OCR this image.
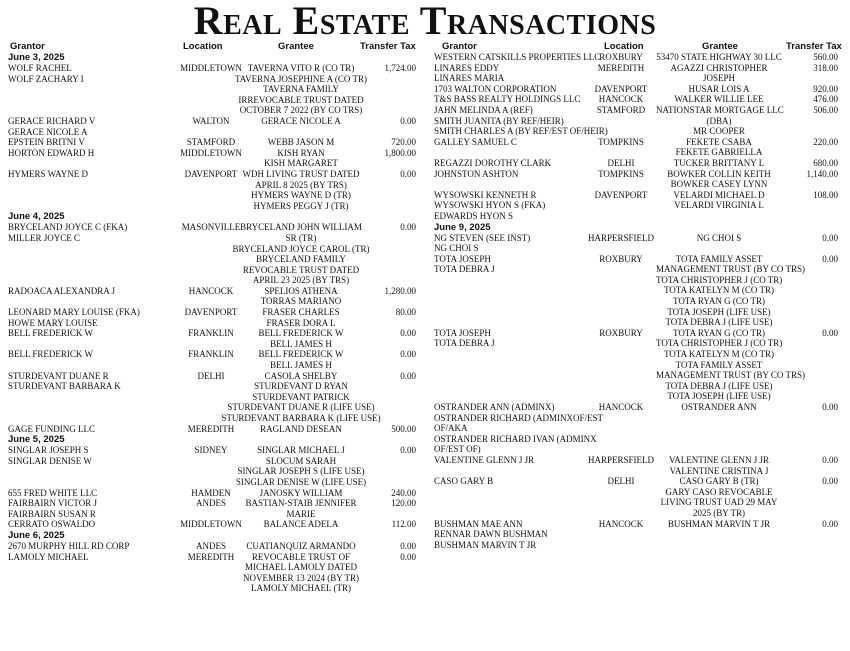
Real Estate Transactions
Grantor	Location	Grantee	Transfer Tax
June 3, 2025
WOLF RACHEL	MIDDLETOWN TAVERNA VITO R (CO TR)	1,724.00
WOLF ZACHARY I	TAVERNA JOSEPHINE A (CO TR)
TAVERNA FAMILY
IRREVOCABLE TRUST DATED
OCTOBER 7 2022 (BY CO TRS)
GERACE RICHARD V	WALTON	GERACE NICOLE A	0.00
GERACE NICOLE A
EPSTEIN BRITNI V	STAMFORD	WEBB JASON M	720.00
HORTON EDWARD H	MIDDLETOWN	KISH RYAN	1,800.00
KISH MARGARET
HYMERS WAYNE D	DAVENPORT WDH LIVING TRUST DATED	0.00
APRIL 8 2025 (BY TRS)
HYMERS WAYNE D (TR)
HYMERS PEGGY J (TR)
June 4, 2025
BRYCELAND JOYCE C (FKA)	MASONVILLE BRYCELAND JOHN WILLIAM	0.00
MILLER JOYCE C	SR (TR)
BRYCELAND JOYCE CAROL (TR)
BRYCELAND FAMILY
REVOCABLE TRUST DATED
APRIL 23 2025 (BY TRS)
RADOACA ALEXANDRA J	HANCOCK	SPELIOS ATHENA	1,280.00
TORRAS MARIANO
LEONARD MARY LOUISE (FKA)	DAVENPORT	FRASER CHARLES	80.00
HOWE MARY LOUISE	FRASER DORA L
BELL FREDERICK W	FRANKLIN	BELL FREDERICK W	0.00
BELL JAMES H
BELL FREDERICK W	FRANKLIN	BELL FREDERICK W	0.00
BELL JAMES H
STURDEVANT DUANE R	DELHI	CASOLA SHELBY	0.00
STURDEVANT BARBARA K	STURDEVANT D RYAN
STURDEVANT PATRICK
STURDEVANT DUANE R (LIFE USE)
STURDEVANT BARBARA K (LIFE USE)
GAGE FUNDING LLC	MEREDITH	RAGLAND DESEAN	500.00
June 5, 2025
SINGLAR JOSEPH S	SIDNEY	SINGLAR MICHAEL J	0.00
SINGLAR DENISE W	SLOCUM SARAH
SINGLAR JOSEPH S (LIFE USE)
SINGLAR DENISE W (LIFE USE)
655 FRED WHITE LLC	HAMDEN	JANOSKY WILLIAM	240.00
FAIRBAIRN VICTOR J	ANDES	BASTIAN-STAIB JENNIFER	120.00
FAIRBAIRN SUSAN R	MARIE
CERRATO OSWALDO	MIDDLETOWN	BALANCE ADELA	112.00
June 6, 2025
2670 MURPHY HILL RD CORP	ANDES	CUATIANQUIZ ARMANDO	0.00
LAMOLY MICHAEL	MEREDITH	REVOCABLE TRUST OF	0.00
MICHAEL LAMOLY DATED
NOVEMBER 13 2024 (BY TR)
LAMOLY MICHAEL (TR)
Grantor	Location	Grantee	Transfer Tax
WESTERN CATSKILLS PROPERTIES LLC ROXBURY	53470 STATE HIGHWAY 30 LLC	560.00
LINARES EDDY	MEREDITH	AGAZZI CHRISTOPHER	318.00
LINARES MARIA	JOSEPH
1703 WALTON CORPORATION	DAVENPORT	HUSAR LOIS A	920.00
T&S BASS REALTY HOLDINGS LLC	HANCOCK	WALKER WILLIE LEE	476.00
JAHN MELINDA A (REF)	STAMFORD	NATIONSTAR MORTGAGE LLC	506.00
SMITH JUANITA (BY REF/HEIR)	(DBA)
SMITH CHARLES A (BY REF/EST OF/HEIR)	MR COOPER
GALLEY SAMUEL C	TOMPKINS	FEKETE CSABA	220.00
FEKETE GABRIELLA
REGAZZI DOROTHY CLARK	DELHI	TUCKER BRITTANY L	680.00
JOHNSTON ASHTON	TOMPKINS	BOWKER COLLIN KEITH	1,140.00
BOWKER CASEY LYNN
WYSOWSKI KENNETH R	DAVENPORT	VELARDI MICHAEL D	108.00
WYSOWSKI HYON S (FKA)	VELARDI VIRGINIA L
EDWARDS HYON S
June 9, 2025
NG STEVEN (SEE INST)	HARPERSFIELD	NG CHOI S	0.00
NG CHOI S
TOTA JOSEPH	ROXBURY	TOTA FAMILY ASSET	0.00
TOTA DEBRA J	MANAGEMENT TRUST (BY CO TRS)
TOTA CHRISTOPHER J (CO TR)
TOTA KATELYN M (CO TR)
TOTA RYAN G (CO TR)
TOTA JOSEPH (LIFE USE)
TOTA DEBRA J (LIFE USE)
TOTA JOSEPH	ROXBURY	TOTA RYAN G (CO TR)	0.00
TOTA DEBRA J	TOTA CHRISTOPHER J (CO TR)
TOTA KATELYN M (CO TR)
TOTA FAMILY ASSET
MANAGEMENT TRUST (BY CO TRS)
TOTA DEBRA J (LIFE USE)
TOTA JOSEPH (LIFE USE)
OSTRANDER ANN (ADMINX)	HANCOCK	OSTRANDER ANN	0.00
OSTRANDER RICHARD (ADMINXOF/EST
OF/AKA
OSTRANDER RICHARD IVAN (ADMINX
OF/EST OF)
VALENTINE GLENN J JR	HARPERSFIELD	VALENTINE GLENN J JR	0.00
VALENTINE CRISTINA J
CASO GARY B	DELHI	CASO GARY B (TR)	0.00
GARY CASO REVOCABLE
LIVING TRUST UAD 29 MAY
2025 (BY TR)
BUSHMAN MAE ANN	HANCOCK	BUSHMAN MARVIN T JR	0.00
RENNAR DAWN BUSHMAN
BUSHMAN MARVIN T JR
